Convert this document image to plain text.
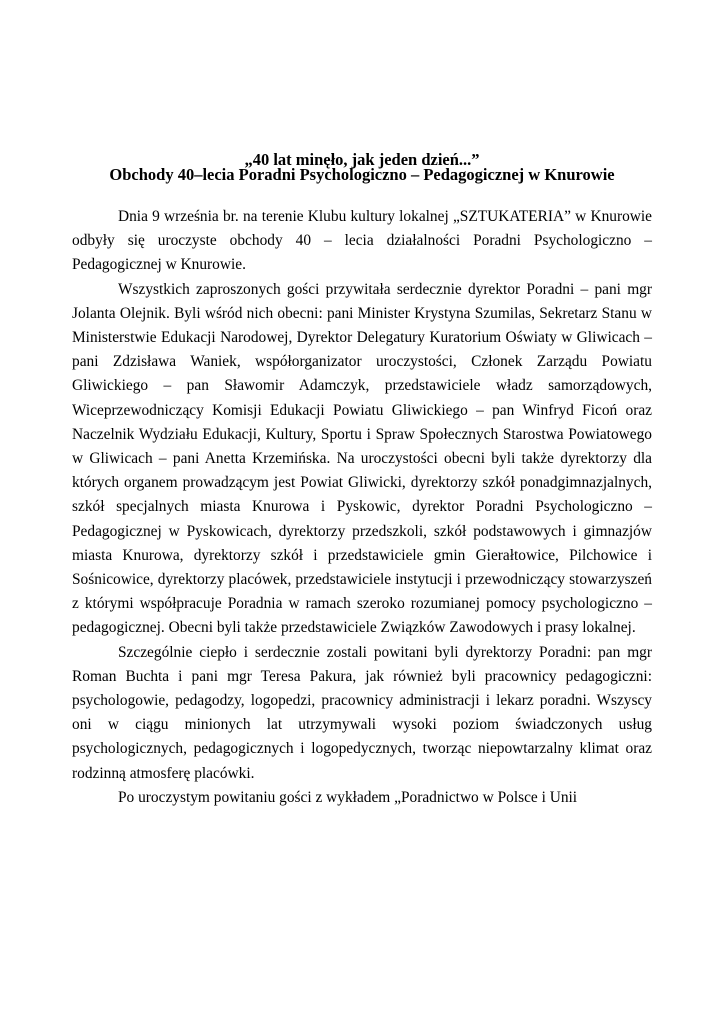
„40 lat minęło, jak jeden dzień...”
Obchody 40–lecia Poradni Psychologiczno – Pedagogicznej w Knurowie

Dnia 9 września br. na terenie Klubu kultury lokalnej „SZTUKATERIA” w Knurowie odbyły się uroczyste obchody 40 – lecia działalności Poradni Psychologiczno – Pedagogicznej w Knurowie.

Wszystkich zaproszonych gości przywitała serdecznie dyrektor Poradni – pani mgr Jolanta Olejnik. Byli wśród nich obecni: pani Minister Krystyna Szumilas, Sekretarz Stanu w Ministerstwie Edukacji Narodowej, Dyrektor Delegatury Kuratorium Oświaty w Gliwicach – pani Zdzisława Waniek, współorganizator uroczystości, Członek Zarządu Powiatu Gliwickiego – pan Sławomir Adamczyk, przedstawiciele władz samorządowych, Wiceprzewodniczący Komisji Edukacji Powiatu Gliwickiego – pan Winfryd Ficoń oraz Naczelnik Wydziału Edukacji, Kultury, Sportu i Spraw Społecznych Starostwa Powiatowego w Gliwicach – pani Anetta Krzemińska. Na uroczystości obecni byli także dyrektorzy dla których organem prowadzącym jest Powiat Gliwicki, dyrektorzy szkół ponadgimnazjalnych, szkół specjalnych miasta Knurowa i Pyskowic, dyrektor Poradni Psychologiczno – Pedagogicznej w Pyskowicach, dyrektorzy przedszkoli, szkół podstawowych i gimnazjów miasta Knurowa, dyrektorzy szkół i przedstawiciele gmin Gierałtowice, Pilchowice i Sośnicowice, dyrektorzy placówek, przedstawiciele instytucji i przewodniczący stowarzyszeń z którymi współpracuje Poradnia w ramach szeroko rozumianej pomocy psychologiczno – pedagogicznej. Obecni byli także przedstawiciele Związków Zawodowych i prasy lokalnej.

Szczególnie ciepło i serdecznie zostali powitani byli dyrektorzy Poradni: pan mgr Roman Buchta i pani mgr Teresa Pakura, jak również byli pracownicy pedagogiczni: psychologowie, pedagodzy, logopedzi, pracownicy administracji i lekarz poradni. Wszyscy oni w ciągu minionych lat utrzymywali wysoki poziom świadczonych usług psychologicznych, pedagogicznych i logopedycznych, tworząc niepowtarzalny klimat oraz rodzinną atmosferę placówki.

Po uroczystym powitaniu gości z wykładem „Poradnictwo w Polsce i Unii
